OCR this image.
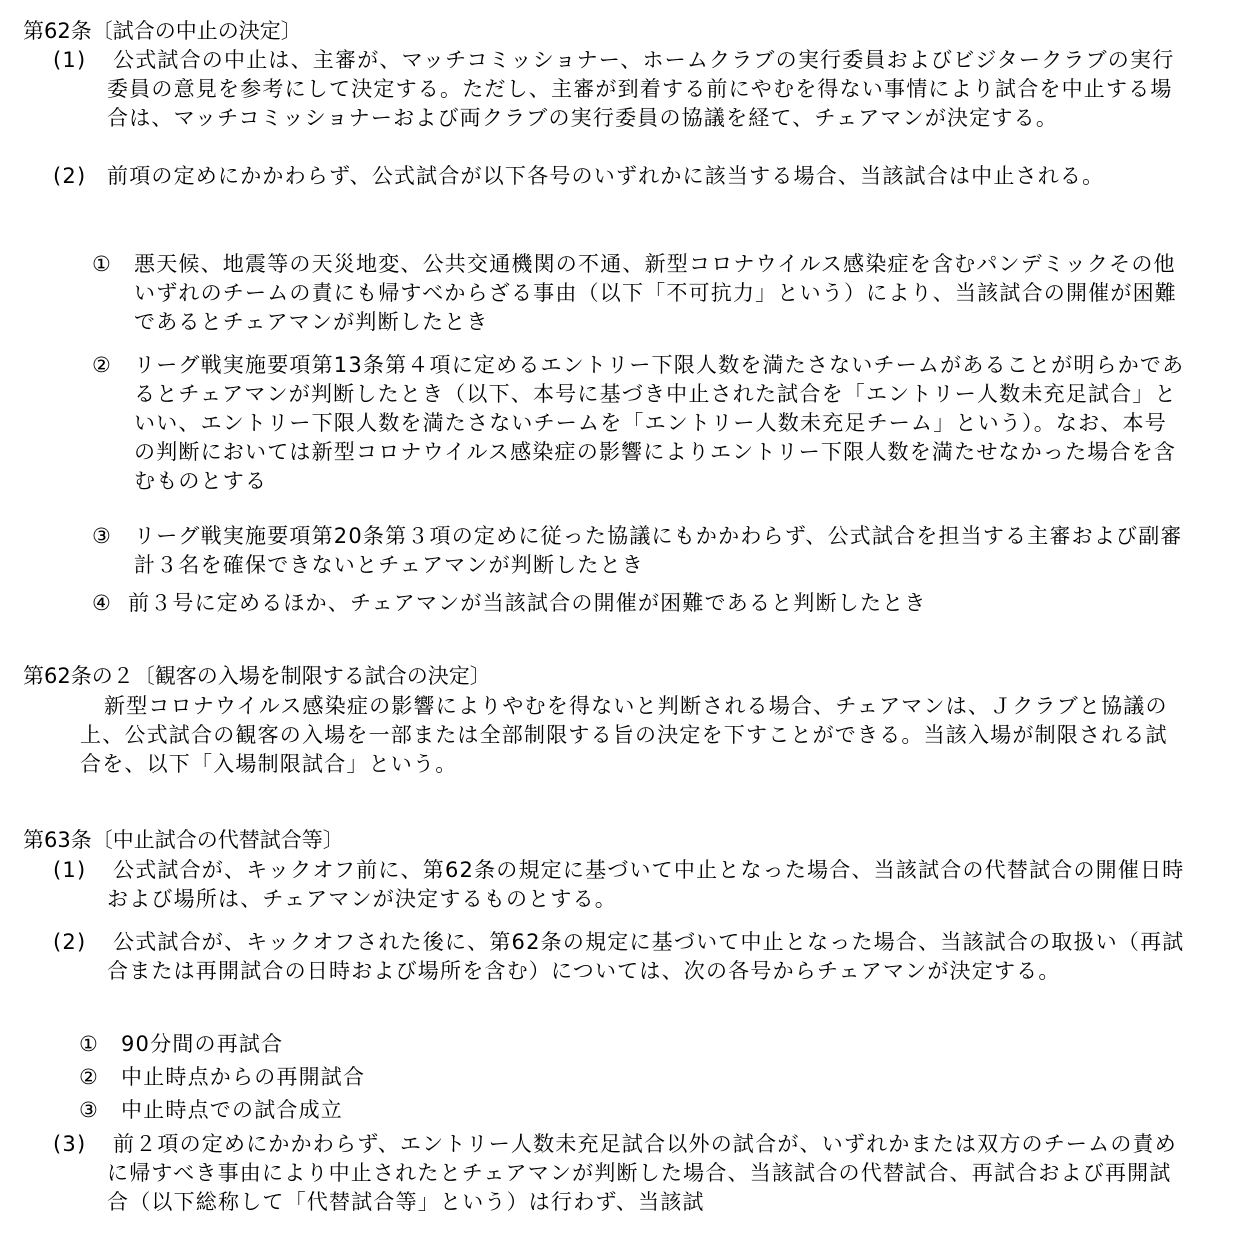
第62条〔試合の中止の決定〕
(1) 公式試合の中止は、主審が、マッチコミッショナー、ホームクラブの実行委員およびビジタークラブの実行委員の意見を参考にして決定する。ただし、主審が到着する前にやむを得ない事情により試合を中止する場合は、マッチコミッショナーおよび両クラブの実行委員の協議を経て、チェアマンが決定する。
(2) 前項の定めにかかわらず、公式試合が以下各号のいずれかに該当する場合、当該試合は中止される。
① 悪天候、地震等の天災地変、公共交通機関の不通、新型コロナウイルス感染症を含むパンデミックその他いずれのチームの責にも帰すべからざる事由（以下「不可抗力」という）により、当該試合の開催が困難であるとチェアマンが判断したとき
② リーグ戦実施要項第13条第４項に定めるエントリー下限人数を満たさないチームがあることが明らかであるとチェアマンが判断したとき（以下、本号に基づき中止された試合を「エントリー人数未充足試合」といい、エントリー下限人数を満たさないチームを「エントリー人数未充足チーム」という）。なお、本号の判断においては新型コロナウイルス感染症の影響によりエントリー下限人数を満たせなかった場合を含むものとする
③ リーグ戦実施要項第20条第３項の定めに従った協議にもかかわらず、公式試合を担当する主審および副審計３名を確保できないとチェアマンが判断したとき
④ 前３号に定めるほか、チェアマンが当該試合の開催が困難であると判断したとき
第62条の２〔観客の入場を制限する試合の決定〕
新型コロナウイルス感染症の影響によりやむを得ないと判断される場合、チェアマンは、Ｊクラブと協議の上、公式試合の観客の入場を一部または全部制限する旨の決定を下すことができる。当該入場が制限される試合を、以下「入場制限試合」という。
第63条〔中止試合の代替試合等〕
(1) 公式試合が、キックオフ前に、第62条の規定に基づいて中止となった場合、当該試合の代替試合の開催日時および場所は、チェアマンが決定するものとする。
(2) 公式試合が、キックオフされた後に、第62条の規定に基づいて中止となった場合、当該試合の取扱い（再試合または再開試合の日時および場所を含む）については、次の各号からチェアマンが決定する。
① 90分間の再試合
② 中止時点からの再開試合
③ 中止時点での試合成立
(3) 前２項の定めにかかわらず、エントリー人数未充足試合以外の試合が、いずれかまたは双方のチームの責めに帰すべき事由により中止されたとチェアマンが判断した場合、当該試合の代替試合、再試合および再開試合（以下総称して「代替試合等」という）は行わず、当該試
